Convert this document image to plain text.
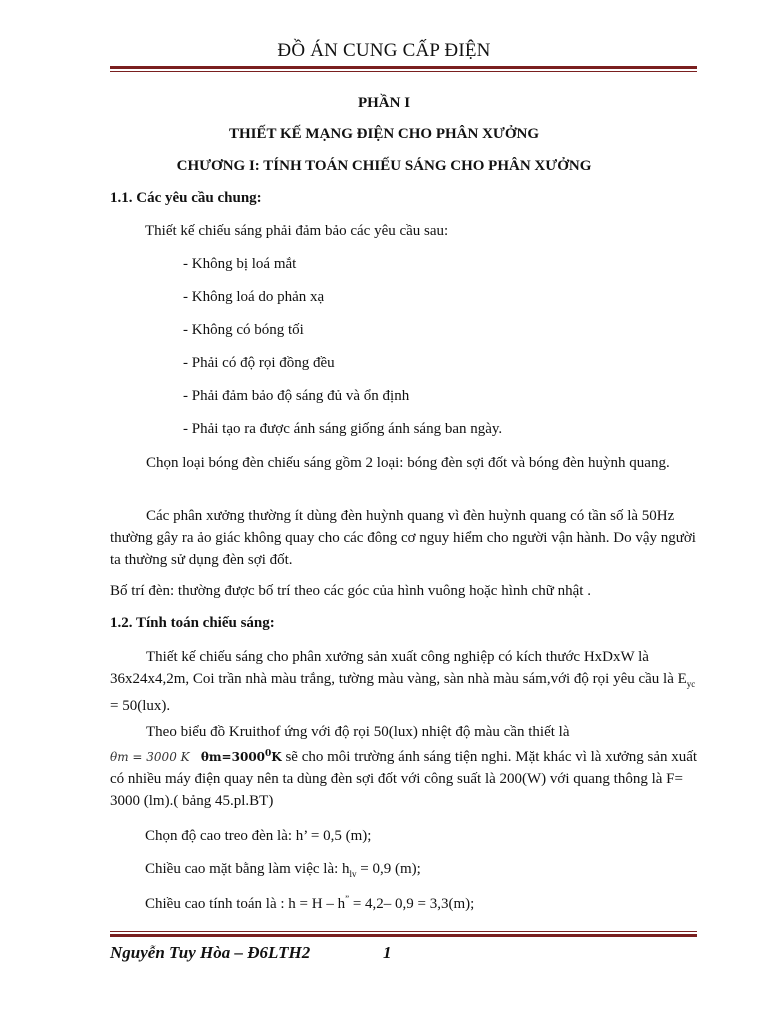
ĐỒ ÁN CUNG CẤP ĐIỆN
PHẦN I
THIẾT KẾ MẠNG ĐIỆN CHO PHÂN XƯỞNG
CHƯƠNG I: TÍNH TOÁN CHIẾU SÁNG CHO PHÂN XƯỞNG
1.1. Các yêu cầu chung:
Thiết kế chiếu sáng phải đảm bảo các yêu cầu sau:
- Không bị loá mắt
- Không loá do phản xạ
- Không có bóng tối
- Phải có độ rọi đồng đều
- Phải đảm bảo độ sáng đủ và ổn định
- Phải tạo ra được ánh sáng giống ánh sáng ban ngày.
Chọn loại bóng đèn chiếu sáng gồm 2 loại: bóng đèn sợi đốt và bóng đèn huỳnh quang.
Các phân xưởng thường ít dùng đèn huỳnh quang vì đèn huỳnh quang có tần số là 50Hz thường gây ra ảo giác không quay cho các đông cơ nguy hiểm cho người vận hành. Do vậy người ta thường sử dụng đèn sợi đốt.
Bố trí đèn: thường được bố trí theo các góc của hình vuông hoặc hình chữ nhật .
1.2. Tính toán chiếu sáng:
Thiết kế chiếu sáng cho phân xưởng sản xuất công nghiệp có kích thước HxDxW là 36x24x4,2m, Coi trần nhà màu trắng, tường màu vàng, sàn nhà màu sám,với độ rọi yêu cầu là $E_{yc} = 50(lux)$.
Theo biểu đồ Kruithof ứng với độ rọi 50(lux) nhiệt độ màu cần thiết là
θm = 3000 K $\theta m=3000^0K$ sẽ cho môi trường ánh sáng tiện nghi. Mặt khác vì là xưởng sản xuất có nhiều máy điện quay nên ta dùng đèn sợi đốt với công suất là 200(W) với quang thông là F= 3000 (lm).( bảng 45.pl.BT)
Chọn độ cao treo đèn là: h’ = 0,5 (m);
Chiều cao mặt bằng làm việc là: $h_{lv} = 0,9$ (m);
Chiều cao tính toán là : h = H – h” = 4,2– 0,9 = 3,3(m);
Nguyễn Tuy Hòa – Đ6LTH2	1
